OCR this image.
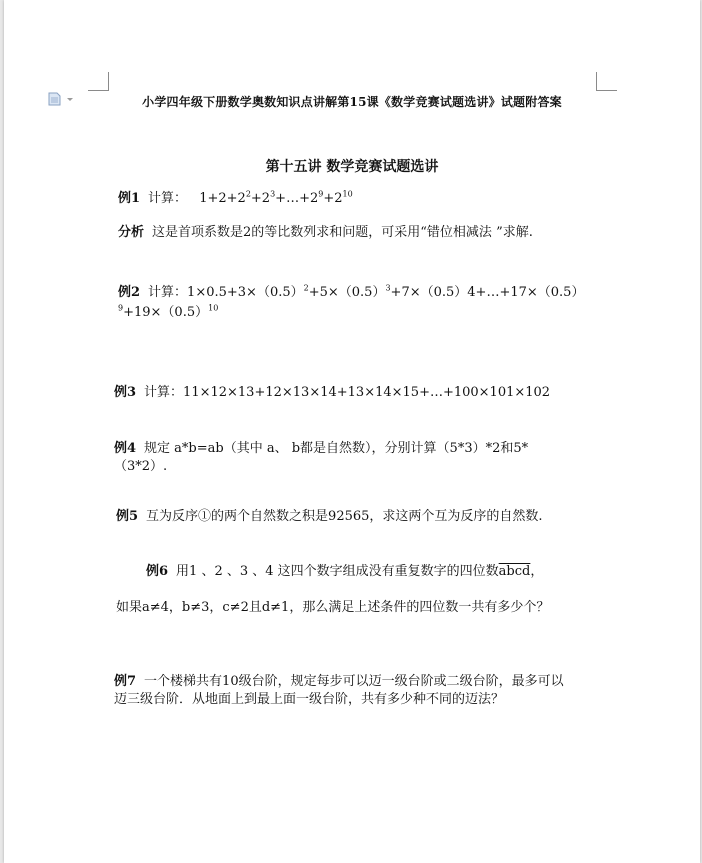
小学四年级下册数学奥数知识点讲解第15课《数学竞赛试题选讲》试题附答案
第十五讲 数学竞赛试题选讲
例1 计算： $1+2+2^2+2^3+\dots+2^9+2^{10}$
分析 这是首项系数是2的等比数列求和问题，可采用“错位相减法 ”求解.
例2 计算：$1\times 0.5+3\times(0.5)^2+5\times(0.5)^3+7\times(0.5)4+\dots+17\times(0.5)$
$^9+19\times(0.5)^{10}$
例3 计算：11×12×13+12×13×14+13×14×15+…+100×101×102
例4 规定 a*b=ab（其中 a、 b都是自然数），分别计算（5*3）*2和5*
（3*2）.
例5 互为反序①的两个自然数之积是92565，求这两个互为反序的自然数.
例6 用1 、2 、3 、4 这四个数字组成没有重复数字的四位数abcd，
如果a≠4，b≠3，c≠2且d≠1，那么满足上述条件的四位数一共有多少个？
例7 一个楼梯共有10级台阶，规定每步可以迈一级台阶或二级台阶，最多可以
迈三级台阶．从地面上到最上面一级台阶，共有多少种不同的迈法？
